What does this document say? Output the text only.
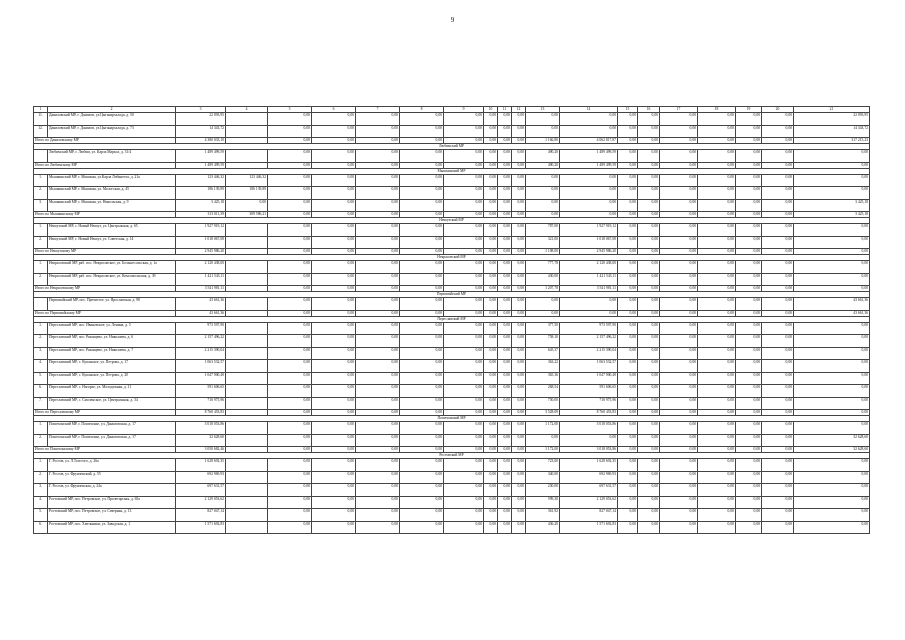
9
1	2	3	4	5	6	7	8	9	10	11	12	13	14	15	16	17	18	19	20	21
11.	Даниловский МР, г. Данилов, ул.Цыганархалада, д. 50	22 093,95		0,00	0,00	0,00	0,00	0,00	0,00	0,00	0,00	0,00	0,00	0,00	0,00	0,00	0,00	0,00	0,00	22 093,95
12.	Даниловский МР, г. Данилов, ул.Цыганархалада, д. 73	14 343,72		0,00	0,00	0,00	0,00	0,00	0,00	0,00	0,00	0,00	0,00	0,00	0,00	0,00	0,00	0,00	0,00	14 343,72
Итого по Даниловскому МР		4 380 033,10		0,00	0,00	0,00	0,00	0,00	0,00	0,00	0,00	1 166,80	4 062 817,87	0,00	0,00	0,00	0,00	0,00	0,00	317 215,23
Любимский МР																				
	Любимский МР, г. Любим, ул. Карла Маркса, д. 31/4	1 489 499,59		0,00	0,00	0,00	0,00	0,00	0,00	0,00	0,00	490,20	1 489 499,59	0,00	0,00	0,00	0,00	0,00	0,00	0,00
Итого по Любимскому МР		1 489 499,59		0,00	0,00	0,00	0,00	0,00	0,00	0,00	0,00	490,20	1 489 499,59	0,00	0,00	0,00	0,00	0,00	0,00	0,00
Мышкинский МР																				
1.	Мышкинский МР, г. Мышкин, ул.Карла Либкнехта, д. 21а	123 446,32	123 446,32	0,00	0,00	0,00	0,00	0,00	0,00	0,00	0,00	0,00	0,00	0,00	0,00	0,00	0,00	0,00	0,00	0,00
2.	Мышкинский МР, г. Мышкин, ул. Мологская, д. 45	186 139,89	186 139,89	0,00	0,00	0,00	0,00	0,00	0,00	0,00	0,00	0,00	0,00	0,00	0,00	0,00	0,00	0,00	0,00	0,00
3.	Мышкинский МР, г. Мышкин, ул. Никольская, д. 9	3 425,18	0,00	0,00	0,00	0,00	0,00	0,00	0,00	0,00	0,00	0,00	0,00	0,00	0,00	0,00	0,00	0,00	0,00	3 425,18
Итого по Мышкинскому МР		313 011,39	309 586,21	0,00	0,00	0,00	0,00	0,00	0,00	0,00	0,00	0,00	0,00	0,00	0,00	0,00	0,00	0,00	0,00	3 425,18
Некоузский МР																				
1.	Некоузский МР, с. Новый Некоуз, ул. Центральная, д. 65	1 927 919,12		0,00	0,00	0,00	0,00	0,00	0,00	0,00	0,00	787,00	1 927 919,12	0,00	0,00	0,00	0,00	0,00	0,00	0,00
2.	Некоузский МР, с. Новый Некоуз, ул. Советская, д. 14	1 018 067,08		0,00	0,00	0,00	0,00	0,00	0,00	0,00	0,00	321,00	1 018 067,08	0,00	0,00	0,00	0,00	0,00	0,00	0,00
Итого по Некоузскому МР		2 945 986,20		0,00	0,00	0,00	0,00	0,00	0,00	0,00	0,00	1 108,00	2 945 986,20	0,00	0,00	0,00	0,00	0,00	0,00	0,00
Некрасовский МР																				
1.	Некрасовский МР, раб. пос. Некрасовское, ул. Большесольская, д. 1а	2 120 438,00		0,00	0,00	0,00	0,00	0,00	0,00	0,00	0,00	777,78	2 120 438,00	0,00	0,00	0,00	0,00	0,00	0,00	0,00
2.	Некрасовский МР, раб. пос. Некрасовское, ул. Комсомольская, д. 39	1 421 543,11		0,00	0,00	0,00	0,00	0,00	0,00	0,00	0,00	430,00	1 421 543,11	0,00	0,00	0,00	0,00	0,00	0,00	0,00
Итого по Некрасовскому МР		3 541 981,11		0,00	0,00	0,00	0,00	0,00	0,00	0,00	0,00	1 207,78	3 541 981,11	0,00	0,00	0,00	0,00	0,00	0,00	0,00
Первомайский МР																				
	Первомайский МР, пос. Пречистое, ул. Ярославская, д. 98	43 661,36		0,00	0,00	0,00	0,00	0,00	0,00	0,00	0,00	0,00	0,00	0,00	0,00	0,00	0,00	0,00	0,00	43 661,36
Итого по Первомайскому МР		43 661,36		0,00	0,00	0,00	0,00	0,00	0,00	0,00	0,00	0,00	0,00	0,00	0,00	0,00	0,00	0,00	0,00	43 661,36
Переславский МР																				
1.	Переславский МР, пос. Ивановское, ул. Ленина, д. 5	973 597,90		0,00	0,00	0,00	0,00	0,00	0,00	0,00	0,00	377,50	973 597,90	0,00	0,00	0,00	0,00	0,00	0,00	0,00
2.	Переславский МР, пос. Рязанцево, ул. Николаева, д. 6	2 157 496,22		0,00	0,00	0,00	0,00	0,00	0,00	0,00	0,00	758,10	2 157 496,22	0,00	0,00	0,00	0,00	0,00	0,00	0,00
3.	Переславский МР, пос. Рязанцево, ул. Николаева, д. 7	2 215 390,04		0,00	0,00	0,00	0,00	0,00	0,00	0,00	0,00	645,37	2 215 390,04	0,00	0,00	0,00	0,00	0,00	0,00	0,00
4.	Переславский МР, с. Купанское, ул. Петрова, д. 17	1 063 532,57		0,00	0,00	0,00	0,00	0,00	0,00	0,00	0,00	363,22	1 063 532,57	0,00	0,00	0,00	0,00	0,00	0,00	0,00
5.	Переславский МР, с. Купанское, ул. Петрова, д. 20	1 047 900,49		0,00	0,00	0,00	0,00	0,00	0,00	0,00	0,00	365,36	1 047 900,49	0,00	0,00	0,00	0,00	0,00	0,00	0,00
6.	Переславский МР, с. Нагорье, ул. Молодежная, д. 11	591 606,65		0,00	0,00	0,00	0,00	0,00	0,00	0,00	0,00	268,54	591 606,65	0,00	0,00	0,00	0,00	0,00	0,00	0,00
7.	Переславский МР, с. Смоленское, ул. Центральная, д. 34	710 975,96		0,00	0,00	0,00	0,00	0,00	0,00	0,00	0,00	750,00	710 975,96	0,00	0,00	0,00	0,00	0,00	0,00	0,00
Итого по Переславскому МР		8 760 453,83		0,00	0,00	0,00	0,00	0,00	0,00	0,00	0,00	3 528,09	8 760 453,83	0,00	0,00	0,00	0,00	0,00	0,00	0,00
Пошехонский МР																				
1.	Пошехонский МР, г. Пошехонье, ул. Даниловская, д. 17	3 018 053,86		0,00	0,00	0,00	0,00	0,00	0,00	0,00	0,00	1 172,00	3 018 053,86	0,00	0,00	0,00	0,00	0,00	0,00	0,00
2.	Пошехонский МР, г. Пошехонье, ул. Даниловская, д. 17	32 628,60		0,00	0,00	0,00	0,00	0,00	0,00	0,00	0,00	0,00	0,00	0,00	0,00	0,00	0,00	0,00	0,00	32 628,60
Итого по Пошехонскому МР		3 050 682,46		0,00	0,00	0,00	0,00	0,00	0,00	0,00	0,00	1 172,00	3 018 053,86	0,00	0,00	0,00	0,00	0,00	0,00	32 628,60
Ростовский МР																				
1.	Г. Ростов, ул. Л.Толстого, д. 26а	1 628 692,35		0,00	0,00	0,00	0,00	0,00	0,00	0,00	0,00	723,00	1 628 692,35	0,00	0,00	0,00	0,00	0,00	0,00	0,00
2.	Г. Ростов, ул. Фрунзенский, д. 55	692 969,93		0,00	0,00	0,00	0,00	0,00	0,00	0,00	0,00	340,00	692 969,93	0,00	0,00	0,00	0,00	0,00	0,00	0,00
3.	Г. Ростов, ул. Фрунзенская, д. 24а	697 631,57		0,00	0,00	0,00	0,00	0,00	0,00	0,00	0,00	230,00	697 631,57	0,00	0,00	0,00	0,00	0,00	0,00	0,00
4.	Ростовский МР, пос. Петровское, ул. Пролетарская, д. 65а	2 129 053,62		0,00	0,00	0,00	0,00	0,00	0,00	0,00	0,00	599,30	2 129 053,62	0,00	0,00	0,00	0,00	0,00	0,00	0,00
5.	Ростовский МР, пос. Петровское, ул. Северная, д. 13	827 047,14		0,00	0,00	0,00	0,00	0,00	0,00	0,00	0,00	361,92	827 047,14	0,00	0,00	0,00	0,00	0,00	0,00	0,00
6.	Ростовский МР, пос. Хмельники, ул. Заводская, д. 1	1 571 692,83		0,00	0,00	0,00	0,00	0,00	0,00	0,00	0,00	436,20	1 571 692,83	0,00	0,00	0,00	0,00	0,00	0,00	0,00
